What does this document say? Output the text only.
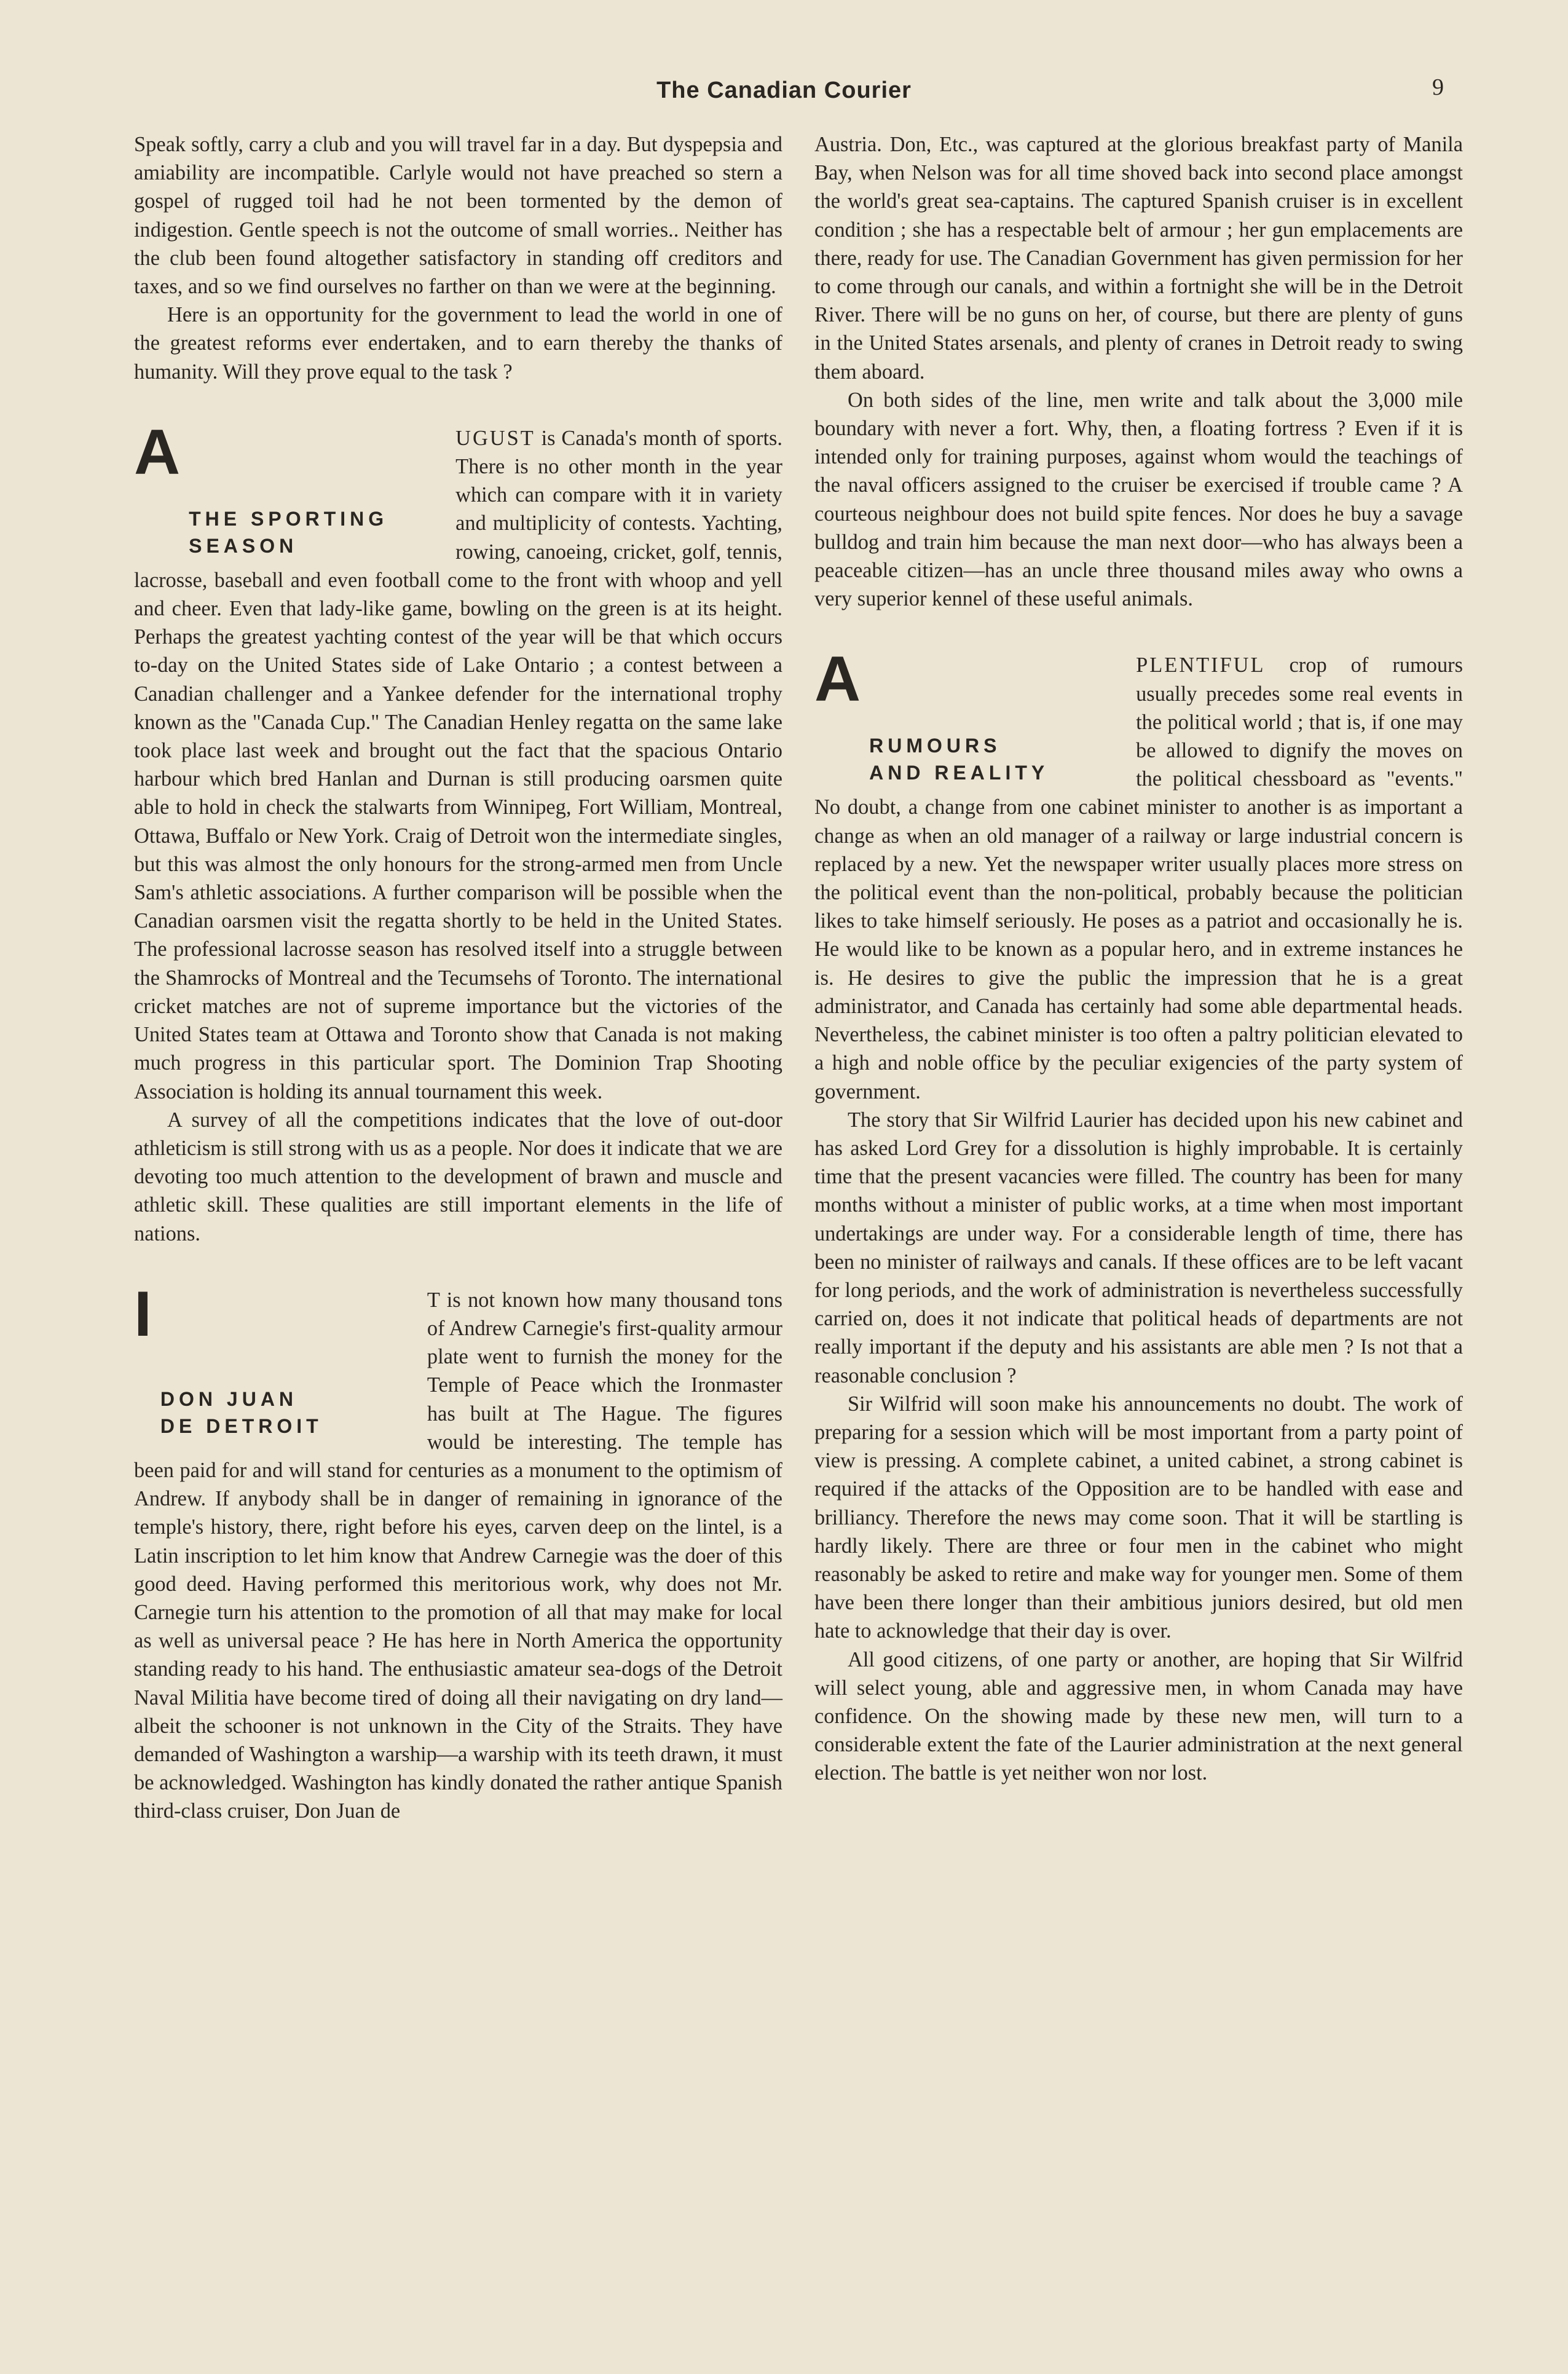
The Canadian Courier	9

Speak softly, carry a club and you will travel far in a day. But dyspepsia and amiability are incompatible. Carlyle would not have preached so stern a gospel of rugged toil had he not been tormented by the demon of indigestion. Gentle speech is not the outcome of small worries.. Neither has the club been found altogether satisfactory in standing off creditors and taxes, and so we find ourselves no farther on than we were at the beginning.

Here is an opportunity for the government to lead the world in one of the greatest reforms ever endertaken, and to earn thereby the thanks of humanity. Will they prove equal to the task ?

A
THE SPORTING
SEASON
UGUST is Canada's month of sports. There is no other month in the year which can compare with it in variety and multiplicity of contests. Yachting, rowing, canoeing, cricket, golf, tennis, lacrosse, baseball and even football come to the front with whoop and yell and cheer. Even that lady-like game, bowling on the green is at its height. Perhaps the greatest yachting contest of the year will be that which occurs to-day on the United States side of Lake Ontario ; a contest between a Canadian challenger and a Yankee defender for the international trophy known as the "Canada Cup." The Canadian Henley regatta on the same lake took place last week and brought out the fact that the spacious Ontario harbour which bred Hanlan and Durnan is still producing oarsmen quite able to hold in check the stalwarts from Winnipeg, Fort William, Montreal, Ottawa, Buffalo or New York. Craig of Detroit won the intermediate singles, but this was almost the only honours for the strong-armed men from Uncle Sam's athletic associations. A further comparison will be possible when the Canadian oarsmen visit the regatta shortly to be held in the United States. The professional lacrosse season has resolved itself into a struggle between the Shamrocks of Montreal and the Tecumsehs of Toronto. The international cricket matches are not of supreme importance but the victories of the United States team at Ottawa and Toronto show that Canada is not making much progress in this particular sport. The Dominion Trap Shooting Association is holding its annual tournament this week.

A survey of all the competitions indicates that the love of out-door athleticism is still strong with us as a people. Nor does it indicate that we are devoting too much attention to the development of brawn and muscle and athletic skill. These qualities are still important elements in the life of nations.

I
DON JUAN
DE DETROIT
T is not known how many thousand tons of Andrew Carnegie's first-quality armour plate went to furnish the money for the Temple of Peace which the Ironmaster has built at The Hague. The figures would be interesting. The temple has been paid for and will stand for centuries as a monument to the optimism of Andrew. If anybody shall be in danger of remaining in ignorance of the temple's history, there, right before his eyes, carven deep on the lintel, is a Latin inscription to let him know that Andrew Carnegie was the doer of this good deed. Having performed this meritorious work, why does not Mr. Carnegie turn his attention to the promotion of all that may make for local as well as universal peace ? He has here in North America the opportunity standing ready to his hand. The enthusiastic amateur sea-dogs of the Detroit Naval Militia have become tired of doing all their navigating on dry land—albeit the schooner is not unknown in the City of the Straits. They have demanded of Washington a warship—a warship with its teeth drawn, it must be acknowledged. Washington has kindly donated the rather antique Spanish third-class cruiser, Don Juan de

Austria. Don, Etc., was captured at the glorious breakfast party of Manila Bay, when Nelson was for all time shoved back into second place amongst the world's great sea-captains. The captured Spanish cruiser is in excellent condition ; she has a respectable belt of armour ; her gun emplacements are there, ready for use. The Canadian Government has given permission for her to come through our canals, and within a fortnight she will be in the Detroit River. There will be no guns on her, of course, but there are plenty of guns in the United States arsenals, and plenty of cranes in Detroit ready to swing them aboard.

On both sides of the line, men write and talk about the 3,000 mile boundary with never a fort. Why, then, a floating fortress ? Even if it is intended only for training purposes, against whom would the teachings of the naval officers assigned to the cruiser be exercised if trouble came ? A courteous neighbour does not build spite fences. Nor does he buy a savage bulldog and train him because the man next door—who has always been a peaceable citizen—has an uncle three thousand miles away who owns a very superior kennel of these useful animals.

A
RUMOURS
AND REALITY
PLENTIFUL crop of rumours usually precedes some real events in the political world ; that is, if one may be allowed to dignify the moves on the political chessboard as "events." No doubt, a change from one cabinet minister to another is as important a change as when an old manager of a railway or large industrial concern is replaced by a new. Yet the newspaper writer usually places more stress on the political event than the non-political, probably because the politician likes to take himself seriously. He poses as a patriot and occasionally he is. He would like to be known as a popular hero, and in extreme instances he is. He desires to give the public the impression that he is a great administrator, and Canada has certainly had some able departmental heads. Nevertheless, the cabinet minister is too often a paltry politician elevated to a high and noble office by the peculiar exigencies of the party system of government.

The story that Sir Wilfrid Laurier has decided upon his new cabinet and has asked Lord Grey for a dissolution is highly improbable. It is certainly time that the present vacancies were filled. The country has been for many months without a minister of public works, at a time when most important undertakings are under way. For a considerable length of time, there has been no minister of railways and canals. If these offices are to be left vacant for long periods, and the work of administration is nevertheless successfully carried on, does it not indicate that political heads of departments are not really important if the deputy and his assistants are able men ? Is not that a reasonable conclusion ?

Sir Wilfrid will soon make his announcements no doubt. The work of preparing for a session which will be most important from a party point of view is pressing. A complete cabinet, a united cabinet, a strong cabinet is required if the attacks of the Opposition are to be handled with ease and brilliancy. Therefore the news may come soon. That it will be startling is hardly likely. There are three or four men in the cabinet who might reasonably be asked to retire and make way for younger men. Some of them have been there longer than their ambitious juniors desired, but old men hate to acknowledge that their day is over.

All good citizens, of one party or another, are hoping that Sir Wilfrid will select young, able and aggressive men, in whom Canada may have confidence. On the showing made by these new men, will turn to a considerable extent the fate of the Laurier administration at the next general election. The battle is yet neither won nor lost.
